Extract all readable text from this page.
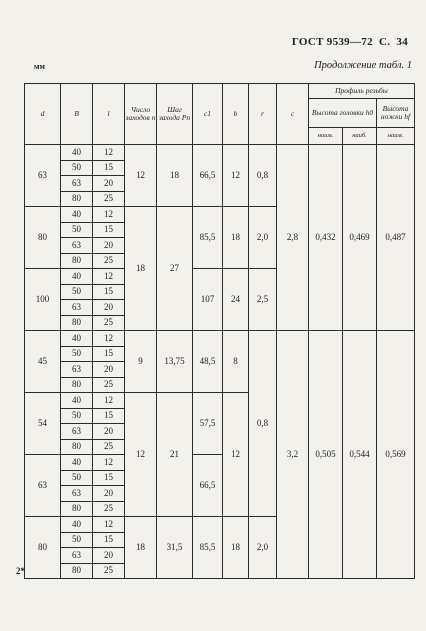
ГОСТ 9539—72 С. 34
мм	Продолжение табл. 1
d	B	l	Число заходов n	Шаг захода Pn	c1	b	r	c	Профиль резьбы		
									Высота головки h0		Высота ножки hf
									наим.	наиб.	наим.
63	40	12	12	18	66,5	12	0,8	2,8	0,432	0,469	0,487
	50	15									
	63	20									
	80	25									
80	40	12	18	27	85,5	18	2,0				
	50	15									
	63	20									
	80	25									
100	40	12			107	24	2,5				
	50	15									
	63	20									
	80	25									
45	40	12	9	13,75	48,5	8	0,8	3,2	0,505	0,544	0,569
	50	15									
	63	20									
	80	25									
54	40	12	12	21	57,5	12					
	50	15									
	63	20									
	80	25									
63	40	12			66,5						
	50	15									
	63	20									
	80	25									
80	40	12	18	31,5	85,5	18	2,0				
	50	15									
	63	20									
	80	25									
2*
